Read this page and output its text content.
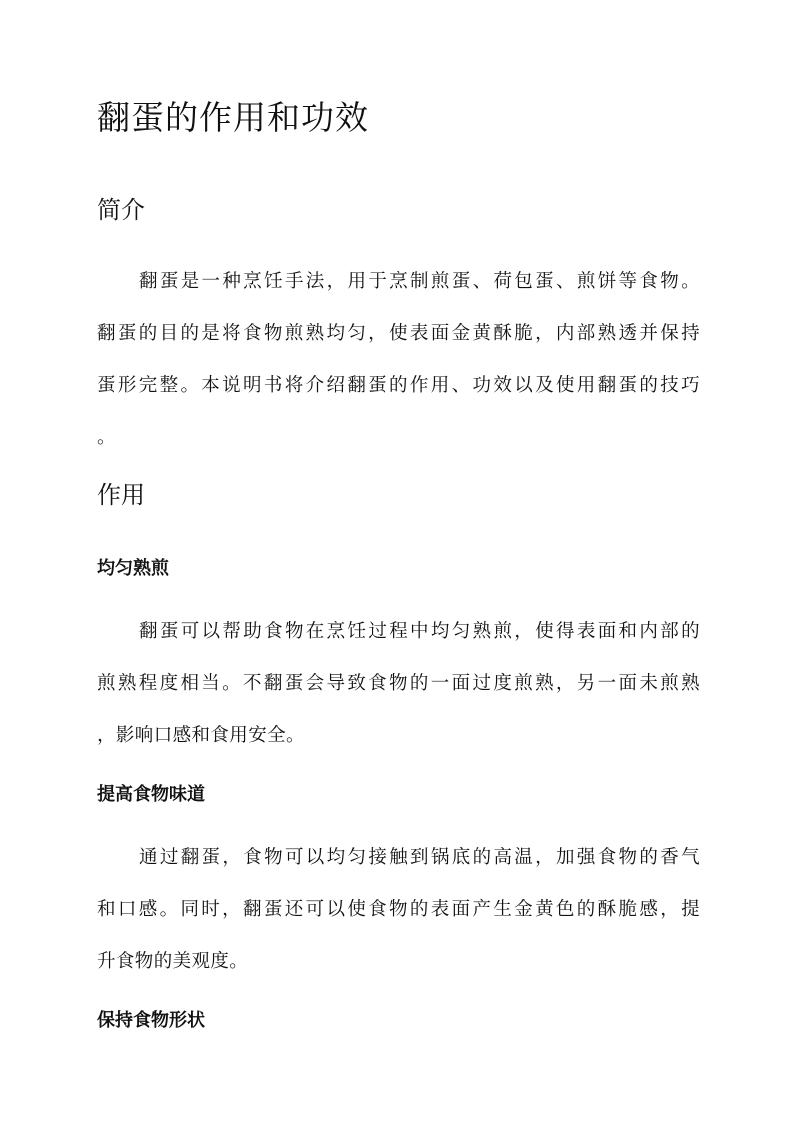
翻蛋的作用和功效
简介
翻蛋是一种烹饪手法，用于烹制煎蛋、荷包蛋、煎饼等食物。
翻蛋的目的是将食物煎熟均匀，使表面金黄酥脆，内部熟透并保持
蛋形完整。本说明书将介绍翻蛋的作用、功效以及使用翻蛋的技巧
。
作用
均匀熟煎
翻蛋可以帮助食物在烹饪过程中均匀熟煎，使得表面和内部的
煎熟程度相当。不翻蛋会导致食物的一面过度煎熟，另一面未煎熟
，影响口感和食用安全。
提高食物味道
通过翻蛋，食物可以均匀接触到锅底的高温，加强食物的香气
和口感。同时，翻蛋还可以使食物的表面产生金黄色的酥脆感，提
升食物的美观度。
保持食物形状
